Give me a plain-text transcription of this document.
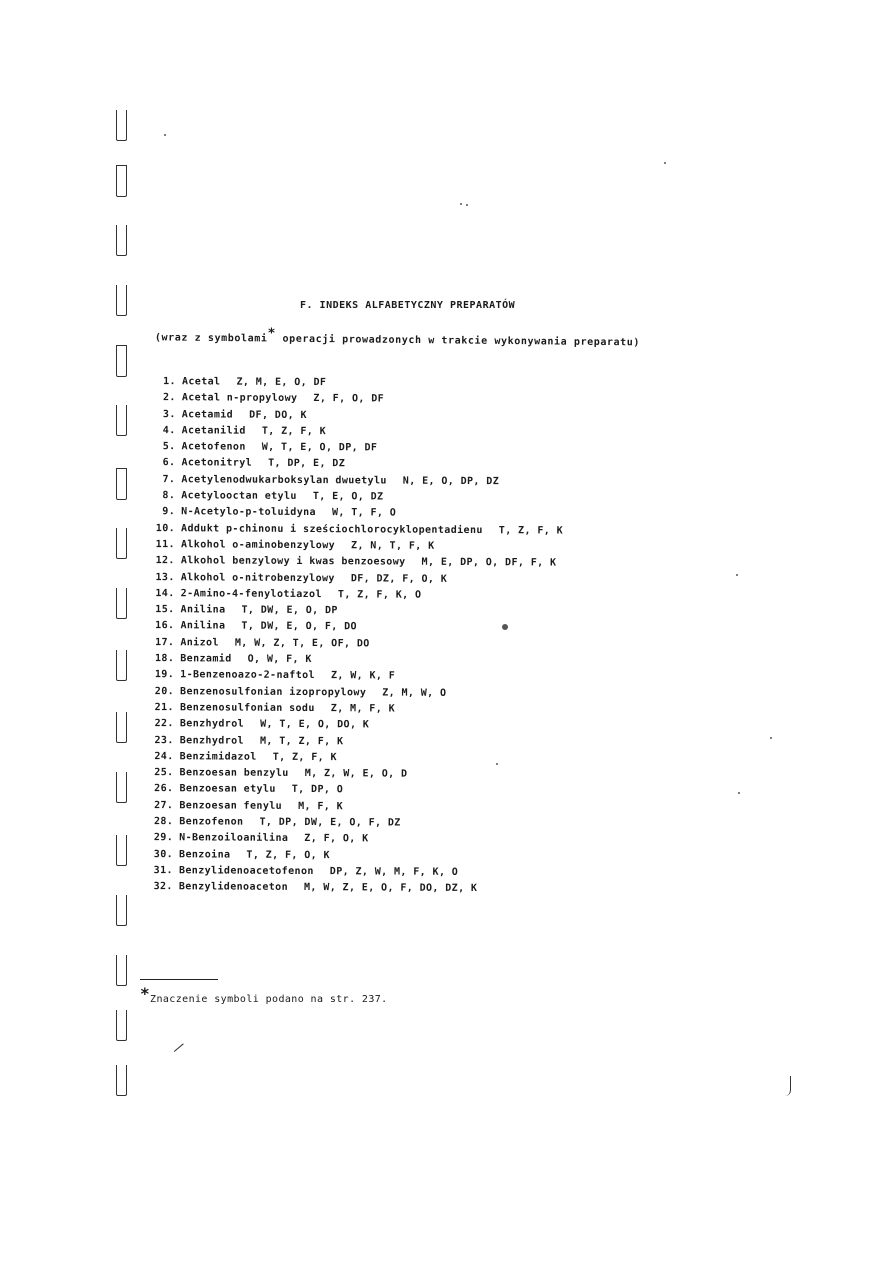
F. INDEKS ALFABETYCZNY PREPARATÓW
(wraz z symbolami* operacji prowadzonych w trakcie wykonywania preparatu)
1. Acetal Z, M, E, O, DF
2. Acetal n-propylowy Z, F, O, DF
3. Acetamid DF, DO, K
4. Acetanilid T, Z, F, K
5. Acetofenon W, T, E, O, DP, DF
6. Acetonitryl T, DP, E, DZ
7. Acetylenodwukarboksylan dwuetylu N, E, O, DP, DZ
8. Acetylooctan etylu T, E, O, DZ
9. N-Acetylo-p-toluidyna W, T, F, O
10. Addukt p-chinonu i sześciochlorocyklopentadienu T, Z, F, K
11. Alkohol o-aminobenzylowy Z, N, T, F, K
12. Alkohol benzylowy i kwas benzoesowy M, E, DP, O, DF, F, K
13. Alkohol o-nitrobenzylowy DF, DZ, F, O, K
14. 2-Amino-4-fenylotiazol T, Z, F, K, O
15. Anilina T, DW, E, O, DP
16. Anilina T, DW, E, O, F, DO
17. Anizol M, W, Z, T, E, OF, DO
18. Benzamid O, W, F, K
19. 1-Benzenoazo-2-naftol Z, W, K, F
20. Benzenosulfonian izopropylowy Z, M, W, O
21. Benzenosulfonian sodu Z, M, F, K
22. Benzhydrol W, T, E, O, DO, K
23. Benzhydrol M, T, Z, F, K
24. Benzimidazol T, Z, F, K
25. Benzoesan benzylu M, Z, W, E, O, D
26. Benzoesan etylu T, DP, O
27. Benzoesan fenylu M, F, K
28. Benzofenon T, DP, DW, E, O, F, DZ
29. N-Benzoiloanilina Z, F, O, K
30. Benzoina T, Z, F, O, K
31. Benzylidenoacetofenon DP, Z, W, M, F, K, O
32. Benzylidenoaceton M, W, Z, E, O, F, DO, DZ, K
*Znaczenie symboli podano na str. 237.
